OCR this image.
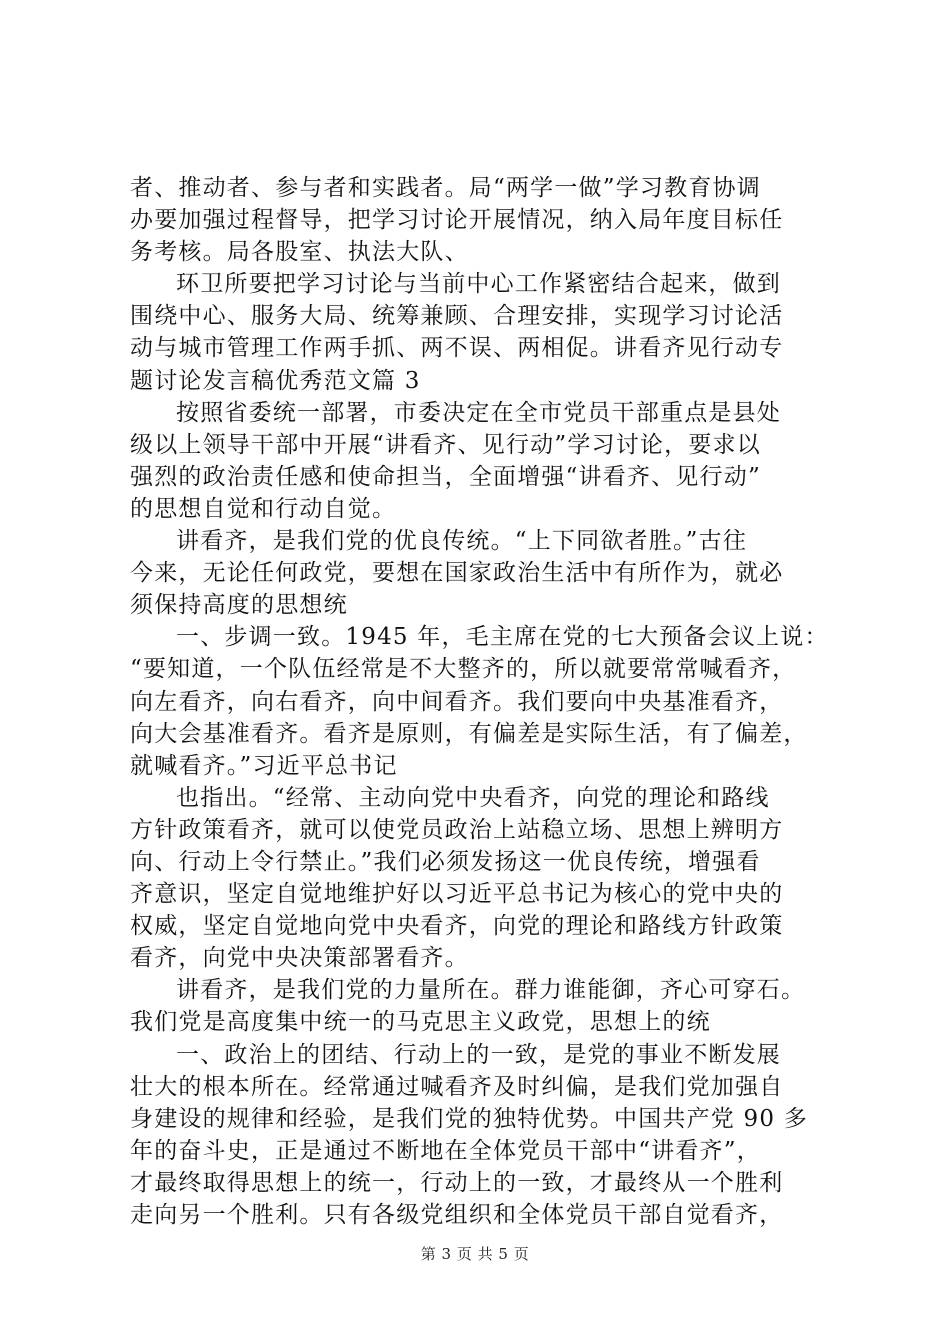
者、推动者、参与者和实践者。局“两学一做”学习教育协调
办要加强过程督导，把学习讨论开展情况，纳入局年度目标任
务考核。局各股室、执法大队、
环卫所要把学习讨论与当前中心工作紧密结合起来，做到
围绕中心、服务大局、统筹兼顾、合理安排，实现学习讨论活
动与城市管理工作两手抓、两不误、两相促。讲看齐见行动专
题讨论发言稿优秀范文篇 3
按照省委统一部署，市委决定在全市党员干部重点是县处
级以上领导干部中开展“讲看齐、见行动”学习讨论，要求以
强烈的政治责任感和使命担当，全面增强“讲看齐、见行动”
的思想自觉和行动自觉。
讲看齐，是我们党的优良传统。“上下同欲者胜。”古往
今来，无论任何政党，要想在国家政治生活中有所作为，就必
须保持高度的思想统
一、步调一致。1945 年，毛主席在党的七大预备会议上说：
“要知道，一个队伍经常是不大整齐的，所以就要常常喊看齐，
向左看齐，向右看齐，向中间看齐。我们要向中央基准看齐，
向大会基准看齐。看齐是原则，有偏差是实际生活，有了偏差，
就喊看齐。”习近平总书记
也指出。“经常、主动向党中央看齐，向党的理论和路线
方针政策看齐，就可以使党员政治上站稳立场、思想上辨明方
向、行动上令行禁止。”我们必须发扬这一优良传统，增强看
齐意识，坚定自觉地维护好以习近平总书记为核心的党中央的
权威，坚定自觉地向党中央看齐，向党的理论和路线方针政策
看齐，向党中央决策部署看齐。
讲看齐，是我们党的力量所在。群力谁能御，齐心可穿石。
我们党是高度集中统一的马克思主义政党，思想上的统
一、政治上的团结、行动上的一致，是党的事业不断发展
壮大的根本所在。经常通过喊看齐及时纠偏，是我们党加强自
身建设的规律和经验，是我们党的独特优势。中国共产党 90 多
年的奋斗史，正是通过不断地在全体党员干部中“讲看齐”，
才最终取得思想上的统一，行动上的一致，才最终从一个胜利
走向另一个胜利。只有各级党组织和全体党员干部自觉看齐，
第 3 页 共 5 页
